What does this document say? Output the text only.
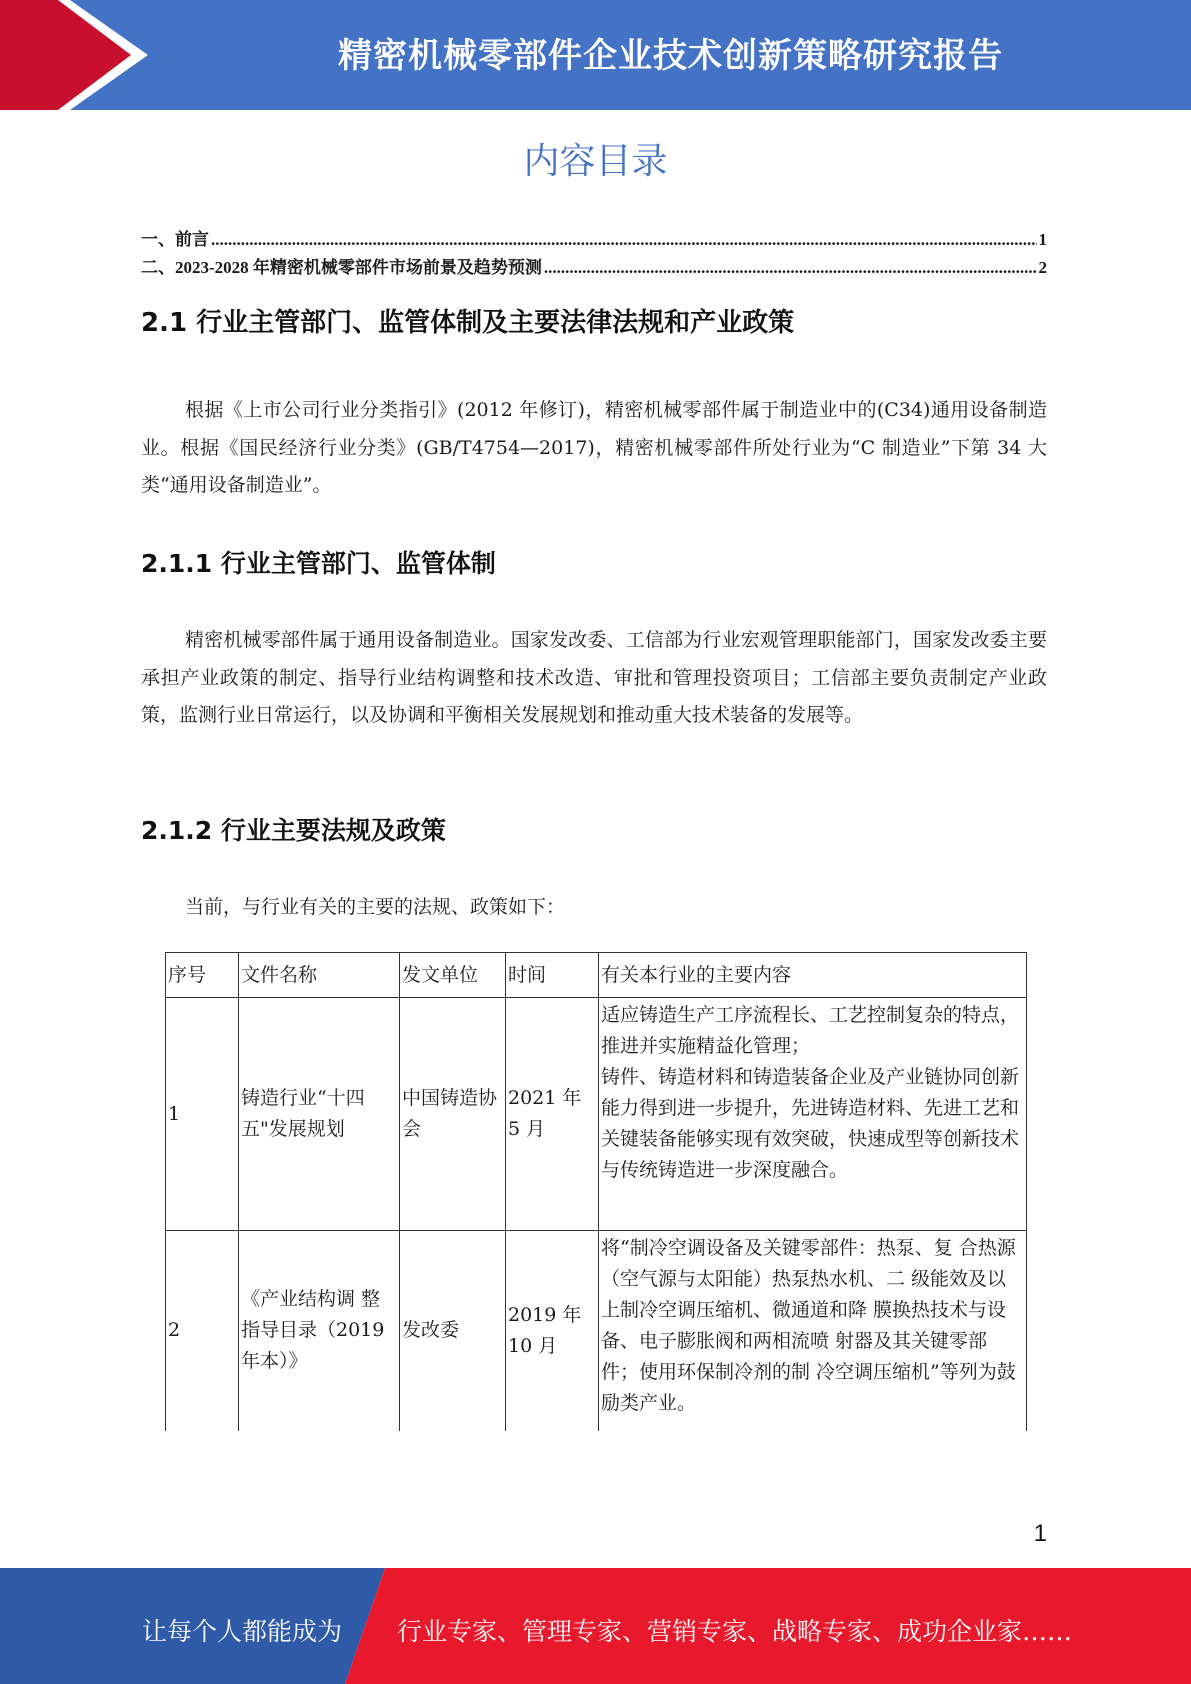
精密机械零部件企业技术创新策略研究报告
内容目录
一、前言 .....	1
二、2023-2028 年精密机械零部件市场前景及趋势预测 .....	2
2.1 行业主管部门、监管体制及主要法律法规和产业政策

根据《上市公司行业分类指引》(2012 年修订)，精密机械零部件属于制造业中的(C34)通用设备制造业。根据《国民经济行业分类》(GB/T4754—2017)，精密机械零部件所处行业为“C 制造业”下第 34 大类“通用设备制造业”。

2.1.1 行业主管部门、监管体制

精密机械零部件属于通用设备制造业。国家发改委、工信部为行业宏观管理职能部门，国家发改委主要承担产业政策的制定、指导行业结构调整和技术改造、审批和管理投资项目；工信部主要负责制定产业政策，监测行业日常运行，以及协调和平衡相关发展规划和推动重大技术装备的发展等。

2.1.2 行业主要法规及政策

当前，与行业有关的主要的法规、政策如下：

序号	文件名称	发文单位	时间	有关本行业的主要内容
1	铸造行业“十四五"发展规划	中国铸造协会	2021 年 5 月	适应铸造生产工序流程长、工艺控制复杂的特点，推进并实施精益化管理；
铸件、铸造材料和铸造装备企业及产业链协同创新能力得到进一步提升，先进铸造材料、先进工艺和关键装备能够实现有效突破，快速成型等创新技术与传统铸造进一步深度融合。
2	《产业结构调 整指导目录（2019 年本）》	发改委	2019 年 10 月	将“制冷空调设备及关键零部件：热泵、复 合热源（空气源与太阳能）热泵热水机、二 级能效及以上制冷空调压缩机、微通道和降 膜换热技术与设备、电子膨胀阀和两相流喷 射器及其关键零部件；使用环保制冷剂的制 冷空调压缩机”等列为鼓励类产业。
1
让每个人都能成为 行业专家、管理专家、营销专家、战略专家、成功企业家……
